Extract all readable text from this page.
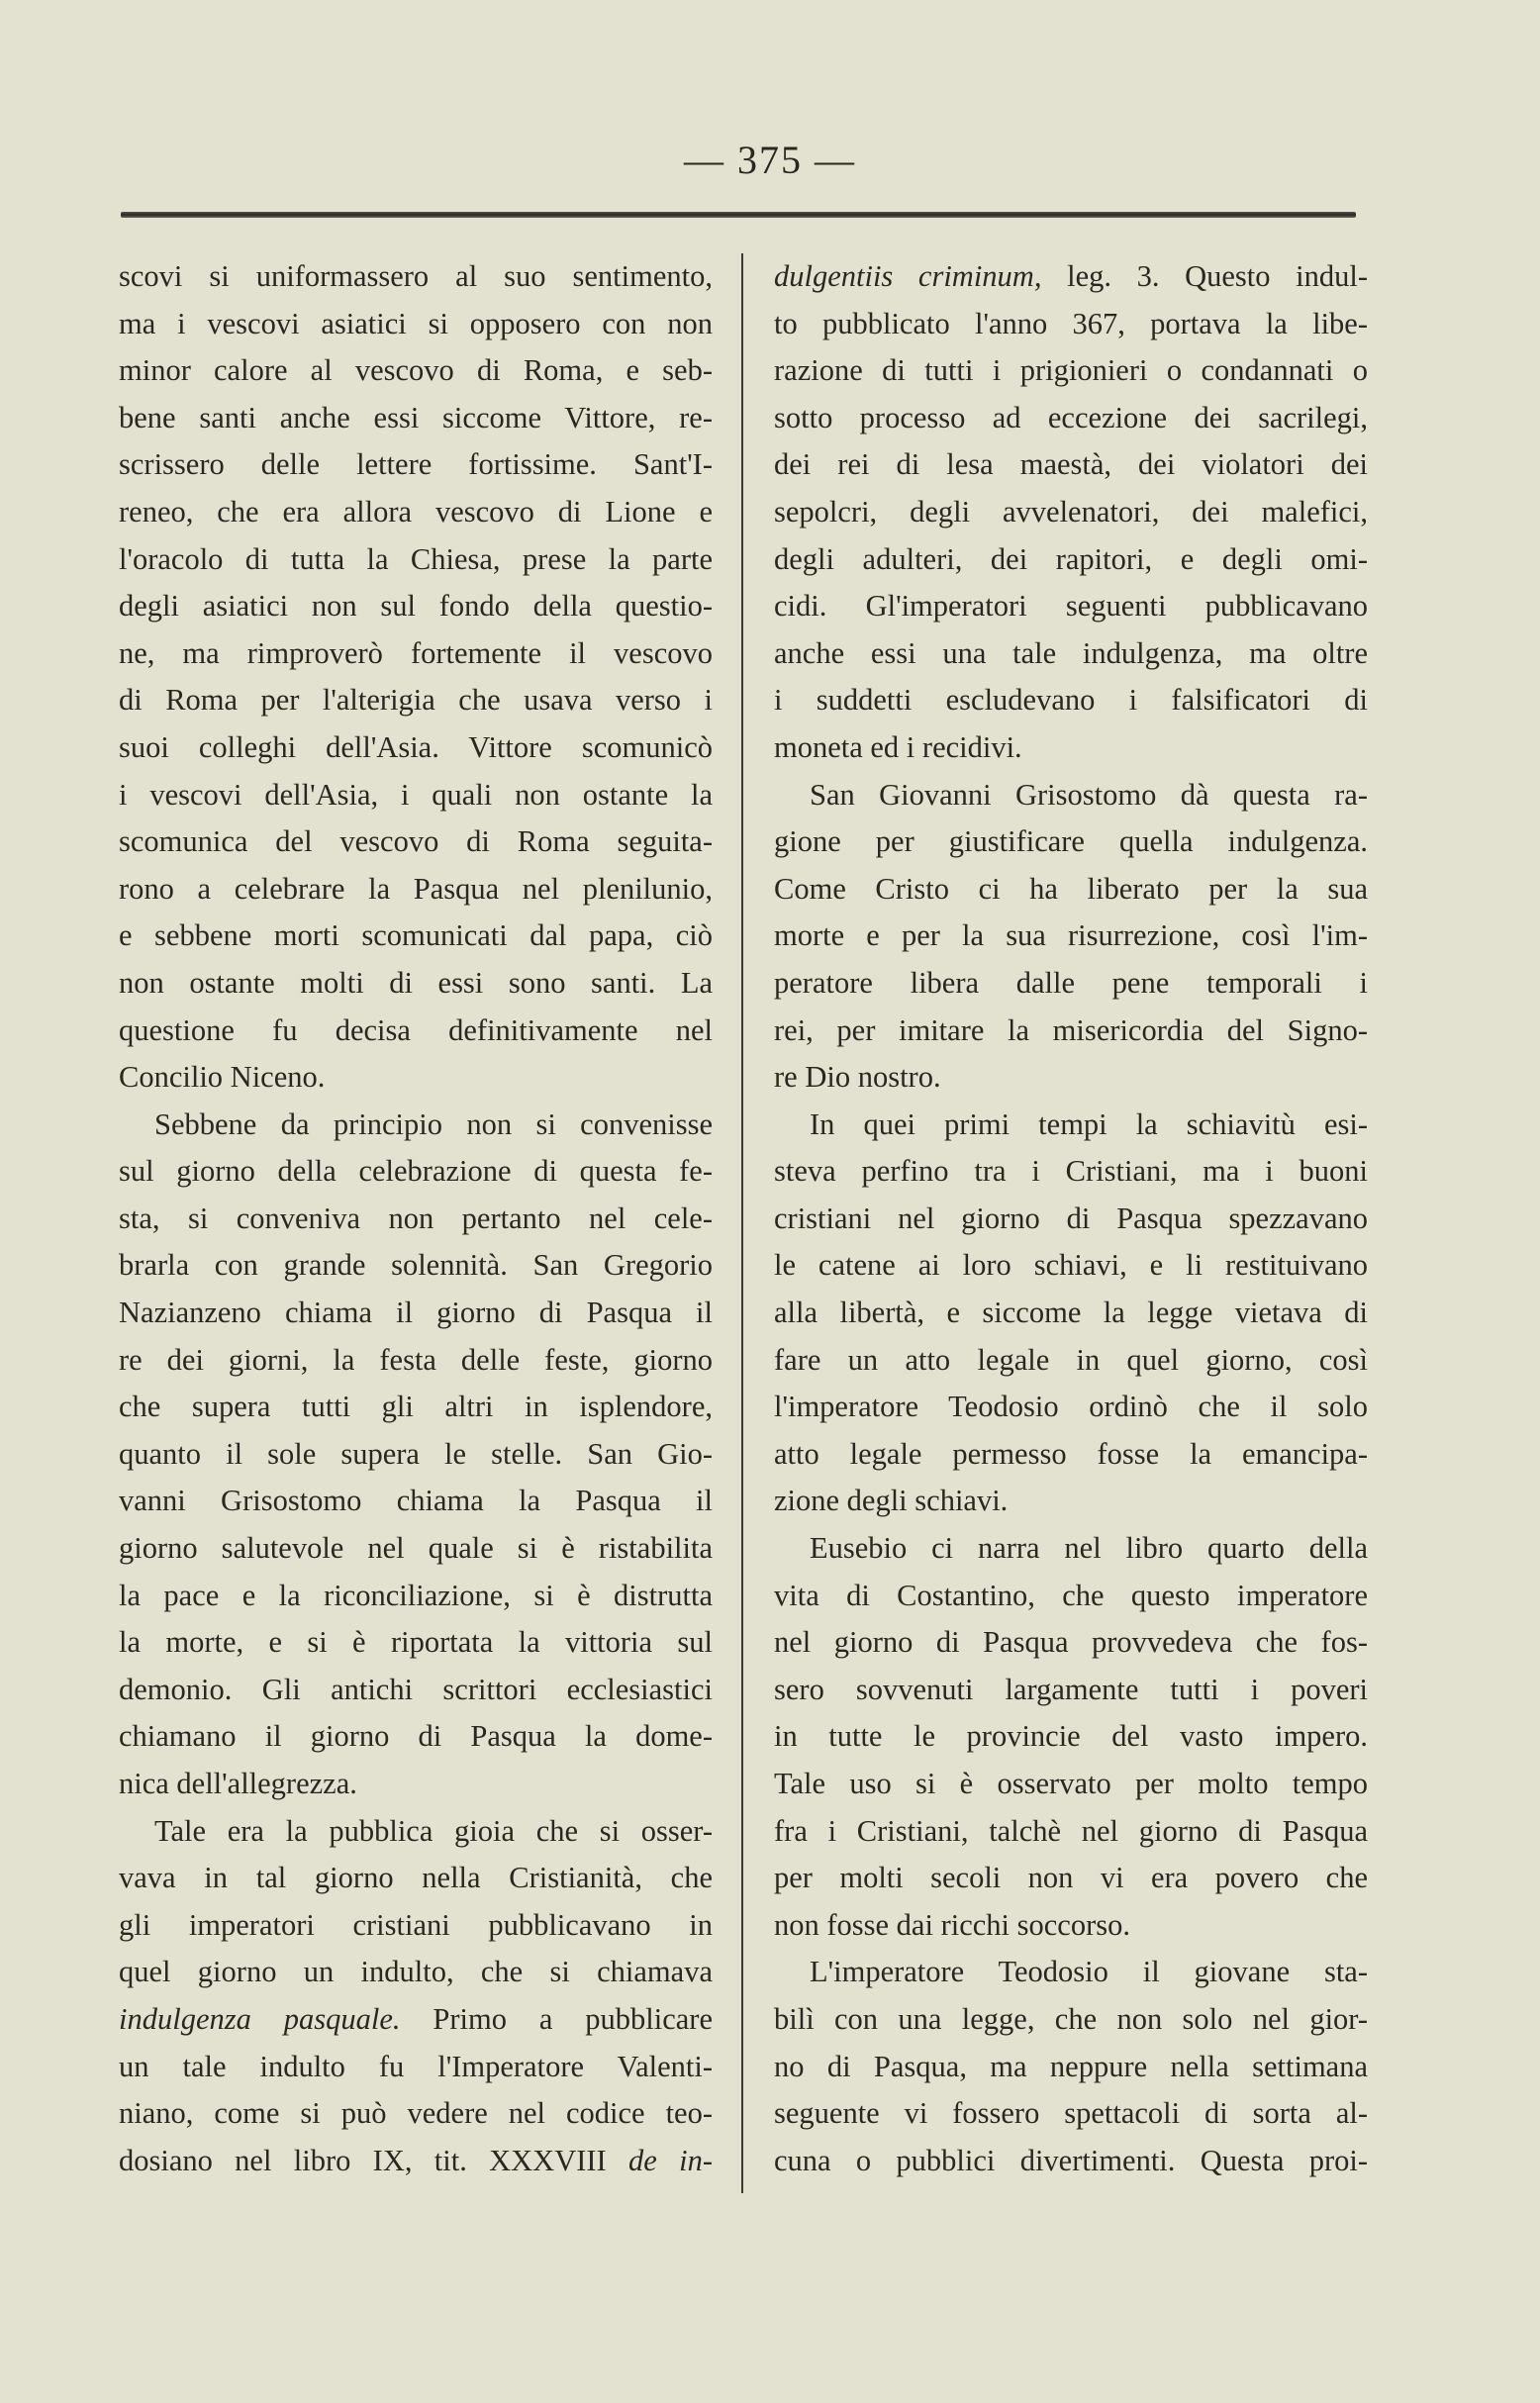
— 375 —
scovi si uniformassero al suo sentimento,
ma i vescovi asiatici si opposero con non
minor calore al vescovo di Roma, e seb-
bene santi anche essi siccome Vittore, re-
scrissero delle lettere fortissime. Sant'I-
reneo, che era allora vescovo di Lione e
l'oracolo di tutta la Chiesa, prese la parte
degli asiatici non sul fondo della questio-
ne, ma rimproverò fortemente il vescovo
di Roma per l'alterigia che usava verso i
suoi colleghi dell'Asia. Vittore scomunicò
i vescovi dell'Asia, i quali non ostante la
scomunica del vescovo di Roma seguita-
rono a celebrare la Pasqua nel plenilunio,
e sebbene morti scomunicati dal papa, ciò
non ostante molti di essi sono santi. La
questione fu decisa definitivamente nel
Concilio Niceno.
Sebbene da principio non si convenisse
sul giorno della celebrazione di questa fe-
sta, si conveniva non pertanto nel cele-
brarla con grande solennità. San Gregorio
Nazianzeno chiama il giorno di Pasqua il
re dei giorni, la festa delle feste, giorno
che supera tutti gli altri in isplendore,
quanto il sole supera le stelle. San Gio-
vanni Grisostomo chiama la Pasqua il
giorno salutevole nel quale si è ristabilita
la pace e la riconciliazione, si è distrutta
la morte, e si è riportata la vittoria sul
demonio. Gli antichi scrittori ecclesiastici
chiamano il giorno di Pasqua la dome-
nica dell'allegrezza.
Tale era la pubblica gioia che si osser-
vava in tal giorno nella Cristianità, che
gli imperatori cristiani pubblicavano in
quel giorno un indulto, che si chiamava
indulgenza pasquale. Primo a pubblicare
un tale indulto fu l'Imperatore Valenti-
niano, come si può vedere nel codice teo-
dosiano nel libro IX, tit. XXXVIII de in-
dulgentiis criminum, leg. 3. Questo indul-
to pubblicato l'anno 367, portava la libe-
razione di tutti i prigionieri o condannati o
sotto processo ad eccezione dei sacrilegi,
dei rei di lesa maestà, dei violatori dei
sepolcri, degli avvelenatori, dei malefici,
degli adulteri, dei rapitori, e degli omi-
cidi. Gl'imperatori seguenti pubblicavano
anche essi una tale indulgenza, ma oltre
i suddetti escludevano i falsificatori di
moneta ed i recidivi.
San Giovanni Grisostomo dà questa ra-
gione per giustificare quella indulgenza.
Come Cristo ci ha liberato per la sua
morte e per la sua risurrezione, così l'im-
peratore libera dalle pene temporali i
rei, per imitare la misericordia del Signo-
re Dio nostro.
In quei primi tempi la schiavitù esi-
steva perfino tra i Cristiani, ma i buoni
cristiani nel giorno di Pasqua spezzavano
le catene ai loro schiavi, e li restituivano
alla libertà, e siccome la legge vietava di
fare un atto legale in quel giorno, così
l'imperatore Teodosio ordinò che il solo
atto legale permesso fosse la emancipa-
zione degli schiavi.
Eusebio ci narra nel libro quarto della
vita di Costantino, che questo imperatore
nel giorno di Pasqua provvedeva che fos-
sero sovvenuti largamente tutti i poveri
in tutte le provincie del vasto impero.
Tale uso si è osservato per molto tempo
fra i Cristiani, talchè nel giorno di Pasqua
per molti secoli non vi era povero che
non fosse dai ricchi soccorso.
L'imperatore Teodosio il giovane sta-
bilì con una legge, che non solo nel gior-
no di Pasqua, ma neppure nella settimana
seguente vi fossero spettacoli di sorta al-
cuna o pubblici divertimenti. Questa proi-
